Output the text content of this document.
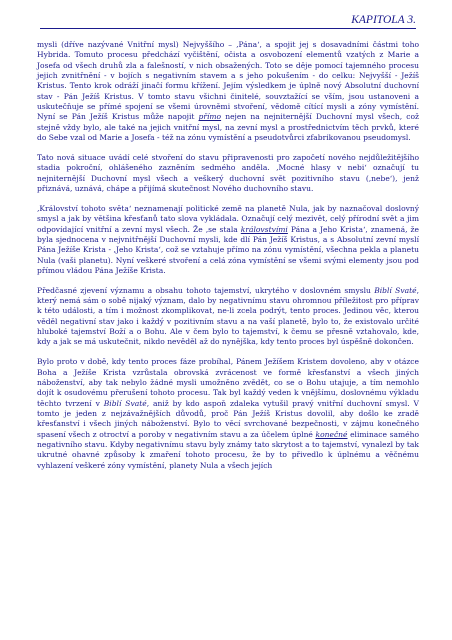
KAPITOLA 3.

mysli (dříve nazývané Vnitřní mysl) Nejvyššího – ‚Pána‘, a spojit jej s dosavadními částmi toho Hybrida. Tomuto procesu předchází vyčištění, očista a osvobození elementů vzatých z Marie a Josefa od všech druhů zla a falešností, v nich obsažených. Toto se děje pomocí tajemného procesu jejich zvnitřnění - v bojích s negativním stavem a s jeho pokušením - do celku: Nejvyšší - Ježíš Kristus. Tento krok odráží jinačí formu křížení. Jejím výsledkem je úplně nový Absolutní duchovní stav - Pán Ježíš Kristus. V tomto stavu všichni činitelé, souvztažící se vším, jsou ustanoveni a uskutečňuje se přímé spojení se všemi úrovněmi stvoření, vědomě cítící mysli a zóny vymístění. Nyní se Pán Ježíš Kristus může napojit přímo nejen na nejniternější Duchovní mysl všech, což stejně vždy bylo, ale také na jejich vnitřní mysl, na zevní mysl a prostřednictvím těch prvků, které do Sebe vzal od Marie a Josefa - též na zónu vymístění a pseudotvůrci zfabrikovanou pseudomysl.

Tato nová situace uvádí celé stvoření do stavu připravenosti pro započetí nového nejdůležitějšího stadia pokroční, ohlášeného zazněním sedmého anděla. ‚Mocné hlasy v nebi‘ označují tu nejniternější Duchovní mysl všech a veškerý duchovní svět pozitivního stavu (‚nebe‘), jenž přiznává, uznává, chápe a přijímá skutečnost Nového duchovního stavu.

‚Království tohoto světa‘ neznamenají politické země na planetě Nula, jak by naznačoval doslovný smysl a jak by většina křesťanů tato slova vykládala. Označují celý mezivět, celý přírodní svět a jim odpovídající vnitřní a zevní mysl všech. Že ‚se stala královstvími Pána a Jeho Krista‘, znamená, že byla sjednocena v nejvnitřnější Duchovní mysli, kde dlí Pán Ježíš Kristus, a s Absolutní zevní myslí Pána Ježíše Krista - ‚Jeho Krista‘, což se vztahuje přímo na zónu vymístění, všechna pekla a planetu Nula (vaši planetu). Nyní veškeré stvoření a celá zóna vymístění se všemi svými elementy jsou pod přímou vládou Pána Ježíše Krista.

Předčasné zjevení významu a obsahu tohoto tajemství, ukrytého v doslovném smyslu Biblí Svaté, který nemá sám o sobě nijaký význam, dalo by negativnímu stavu ohromnou příležitost pro příprav k této události, a tím i možnost zkomplikovat, ne-li zcela podrýt, tento proces. Jedinou věc, kterou věděl negativní stav jako i každý v pozitivním stavu a na vaší planetě, bylo to, že existovalo určité hluboké tajemství Boží a o Bohu. Ale v čem bylo to tajemství, k čemu se přesně vztahovalo, kde, kdy a jak se má uskutečnit, nikdo nevěděl až do nynějška, kdy tento proces byl úspěšně dokončen.

Bylo proto v době, kdy tento proces fáze probíhal, Pánem Ježíšem Kristem dovoleno, aby v otázce Boha a Ježíše Krista vzrůstala obrovská zvrácenost ve formě křesťanství a všech jiných náboženství, aby tak nebylo žádné mysli umožněno zvědět, co se o Bohu utajuje, a tím nemohlo dojít k osudovému přerušení tohoto procesu. Tak byl každý veden k vnějšímu, doslovnému výkladu těchto tvrzení v Biblí Svaté, aniž by kdo aspoň zdaleka vytušil pravý vnitřní duchovní smysl. V tomto je jeden z nejzávažnějších důvodů, proč Pán Ježíš Kristus dovolil, aby došlo ke zradě křesťanství i všech jiných náboženství. Bylo to věcí svrchované bezpečnosti, v zájmu konečného spasení všech z otroctví a poroby v negativním stavu a za účelem úplné konečné eliminace samého negativního stavu. Kdyby negativnímu stavu byly známy tato skrytost a to tajemství, vynalezl by tak ukrutné ohavné způsoby k zmaření tohoto procesu, že by to přivedlo k úplnému a věčnému vyhlazení veškeré zóny vymístění, planety Nula a všech jejích
